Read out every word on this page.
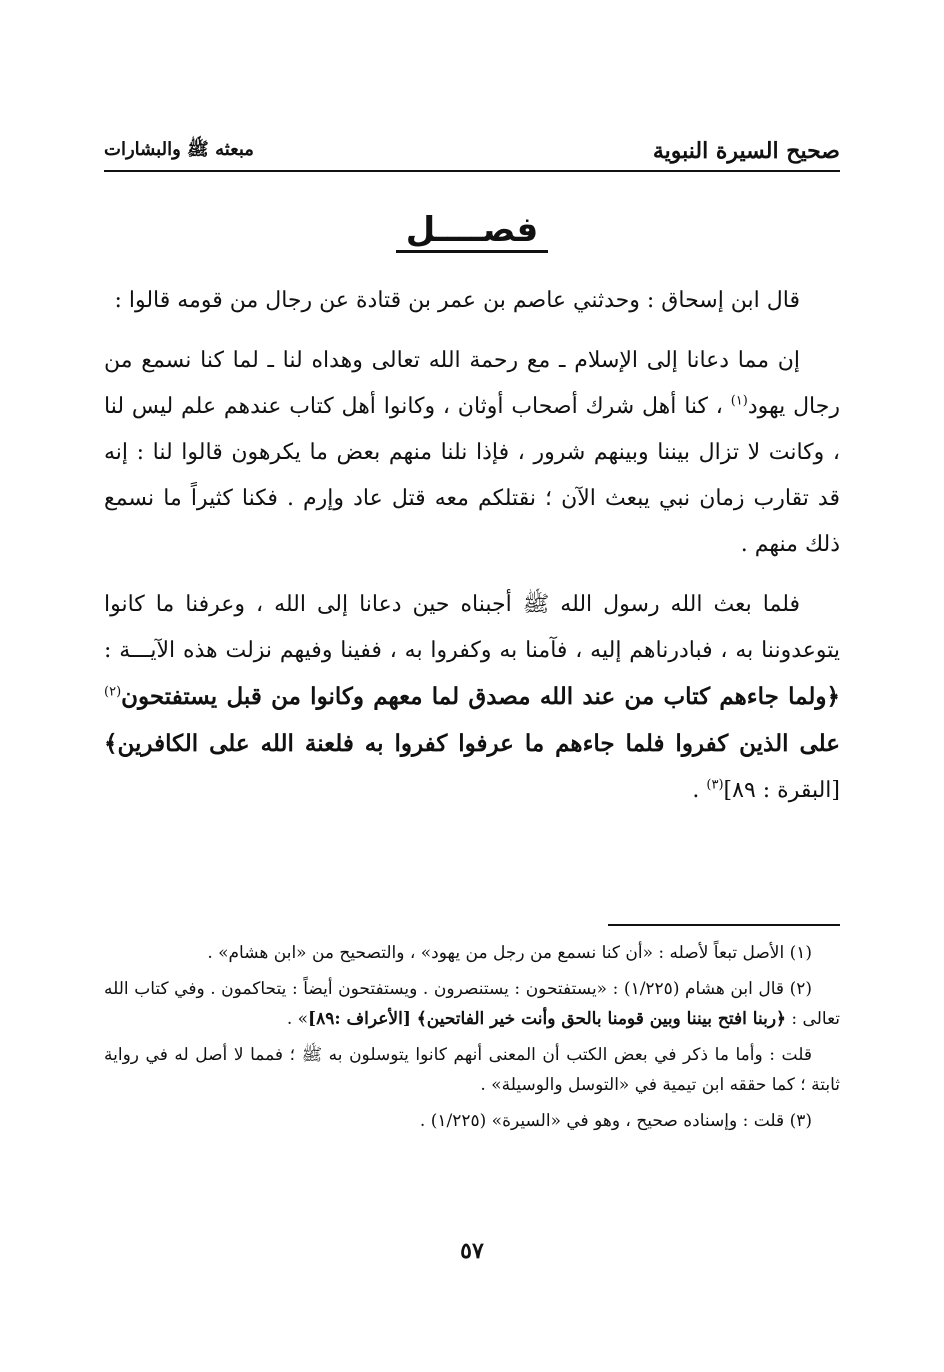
صحيح السيرة النبوية
مبعثه ﷺ والبشارات
فصــــل

قال ابن إسحاق : وحدثني عاصم بن عمر بن قتادة عن رجال من قومه قالوا :

إن مما دعانا إلى الإسلام ـ مع رحمة الله تعالى وهداه لنا ـ لما كنا نسمع من رجال يهود$^{(١)}$ ، كنا أهل شرك أصحاب أوثان ، وكانوا أهل كتاب عندهم علم ليس لنا ، وكانت لا تزال بيننا وبينهم شرور ، فإذا نلنا منهم بعض ما يكرهون قالوا لنا : إنه قد تقارب زمان نبي يبعث الآن ؛ نقتلكم معه قتل عاد وإرم . فكنا كثيراً ما نسمع ذلك منهم .

فلما بعث الله رسول الله ﷺ أجبناه حين دعانا إلى الله ، وعرفنا ما كانوا يتوعدوننا به ، فبادرناهم إليه ، فآمنا به وكفروا به ، ففينا وفيهم نزلت هذه الآيـــة : ﴿ولما جاءهم كتاب من عند الله مصدق لما معهم وكانوا من قبل يستفتحون$^{(٢)}$ على الذين كفروا فلما جاءهم ما عرفوا كفروا به فلعنة الله على الكافرين﴾ [البقرة : ٨٩]$^{(٣)}$ .

(١) الأصل تبعاً لأصله : «أن كنا نسمع من رجل من يهود» ، والتصحيح من «ابن هشام» .

(٢) قال ابن هشام (١/٢٢٥) : «يستفتحون : يستنصرون . ويستفتحون أيضاً : يتحاكمون . وفي كتاب الله تعالى : ﴿ربنا افتح بيننا وبين قومنا بالحق وأنت خير الفاتحين﴾ [الأعراف :٨٩]» .

قلت : وأما ما ذكر في بعض الكتب أن المعنى أنهم كانوا يتوسلون به ﷺ ؛ فمما لا أصل له في رواية ثابتة ؛ كما حققه ابن تيمية في «التوسل والوسيلة» .

(٣) قلت : وإسناده صحيح ، وهو في «السيرة» (١/٢٢٥) .

٥٧
